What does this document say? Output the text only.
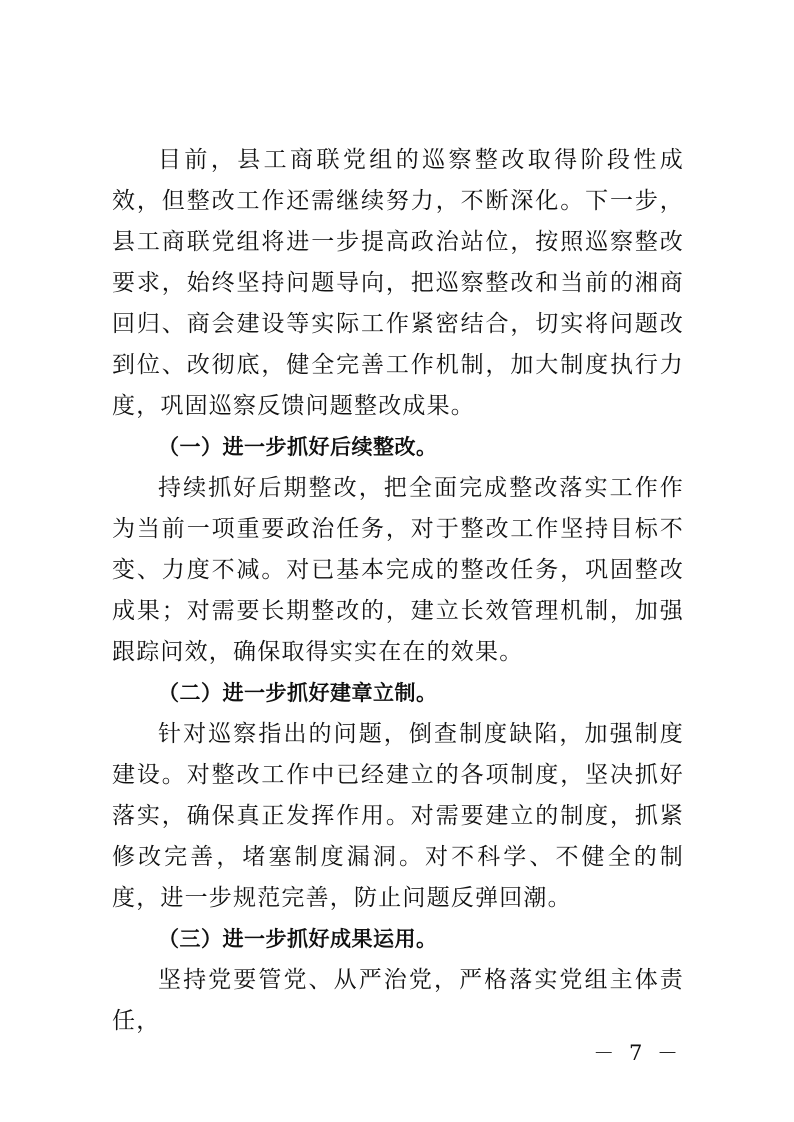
目前，县工商联党组的巡察整改取得阶段性成效，但整改工作还需继续努力，不断深化。下一步，县工商联党组将进一步提高政治站位，按照巡察整改要求，始终坚持问题导向，把巡察整改和当前的湘商回归、商会建设等实际工作紧密结合，切实将问题改到位、改彻底，健全完善工作机制，加大制度执行力度，巩固巡察反馈问题整改成果。

（一）进一步抓好后续整改。

持续抓好后期整改，把全面完成整改落实工作作为当前一项重要政治任务，对于整改工作坚持目标不变、力度不减。对已基本完成的整改任务，巩固整改成果；对需要长期整改的，建立长效管理机制，加强跟踪问效，确保取得实实在在的效果。

（二）进一步抓好建章立制。

针对巡察指出的问题，倒查制度缺陷，加强制度建设。对整改工作中已经建立的各项制度，坚决抓好落实，确保真正发挥作用。对需要建立的制度，抓紧修改完善，堵塞制度漏洞。对不科学、不健全的制度，进一步规范完善，防止问题反弹回潮。

（三）进一步抓好成果运用。

坚持党要管党、从严治党，严格落实党组主体责任，

－ 7 －
